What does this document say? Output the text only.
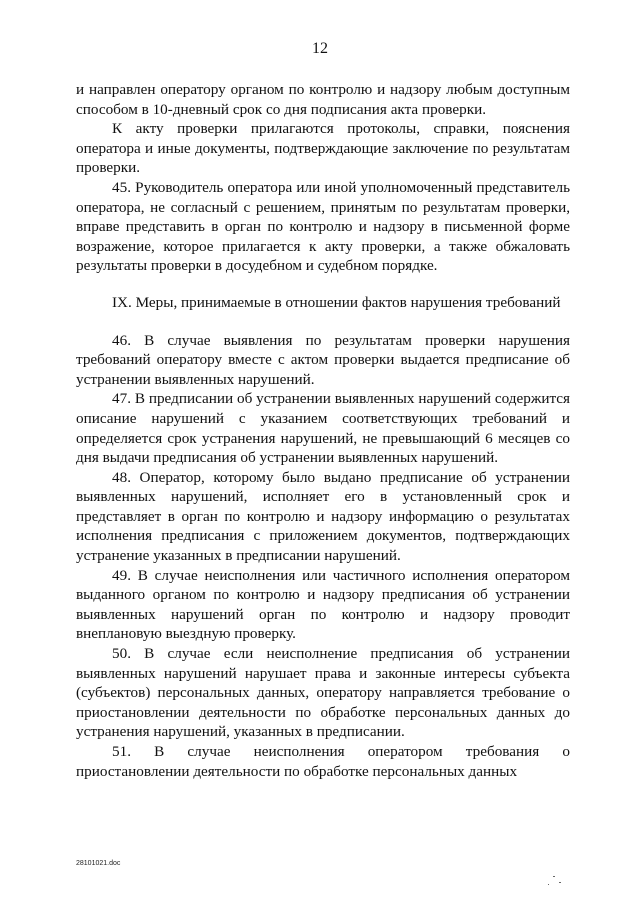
12

и направлен оператору органом по контролю и надзору любым доступным способом в 10-дневный срок со дня подписания акта проверки.

К акту проверки прилагаются протоколы, справки, пояснения оператора и иные документы, подтверждающие заключение по результатам проверки.

45. Руководитель оператора или иной уполномоченный представитель оператора, не согласный с решением, принятым по результатам проверки, вправе представить в орган по контролю и надзору в письменной форме возражение, которое прилагается к акту проверки, а также обжаловать результаты проверки в досудебном и судебном порядке.

IX. Меры, принимаемые в отношении фактов нарушения требований

46. В случае выявления по результатам проверки нарушения требований оператору вместе с актом проверки выдается предписание об устранении выявленных нарушений.

47. В предписании об устранении выявленных нарушений содержится описание нарушений с указанием соответствующих требований и определяется срок устранения нарушений, не превышающий 6 месяцев со дня выдачи предписания об устранении выявленных нарушений.

48. Оператор, которому было выдано предписание об устранении выявленных нарушений, исполняет его в установленный срок и представляет в орган по контролю и надзору информацию о результатах исполнения предписания с приложением документов, подтверждающих устранение указанных в предписании нарушений.

49. В случае неисполнения или частичного исполнения оператором выданного органом по контролю и надзору предписания об устранении выявленных нарушений орган по контролю и надзору проводит внеплановую выездную проверку.

50. В случае если неисполнение предписания об устранении выявленных нарушений нарушает права и законные интересы субъекта (субъектов) персональных данных, оператору направляется требование о приостановлении деятельности по обработке персональных данных до устранения нарушений, указанных в предписании.

51. В случае неисполнения оператором требования о приостановлении деятельности по обработке персональных данных

28101021.doc
